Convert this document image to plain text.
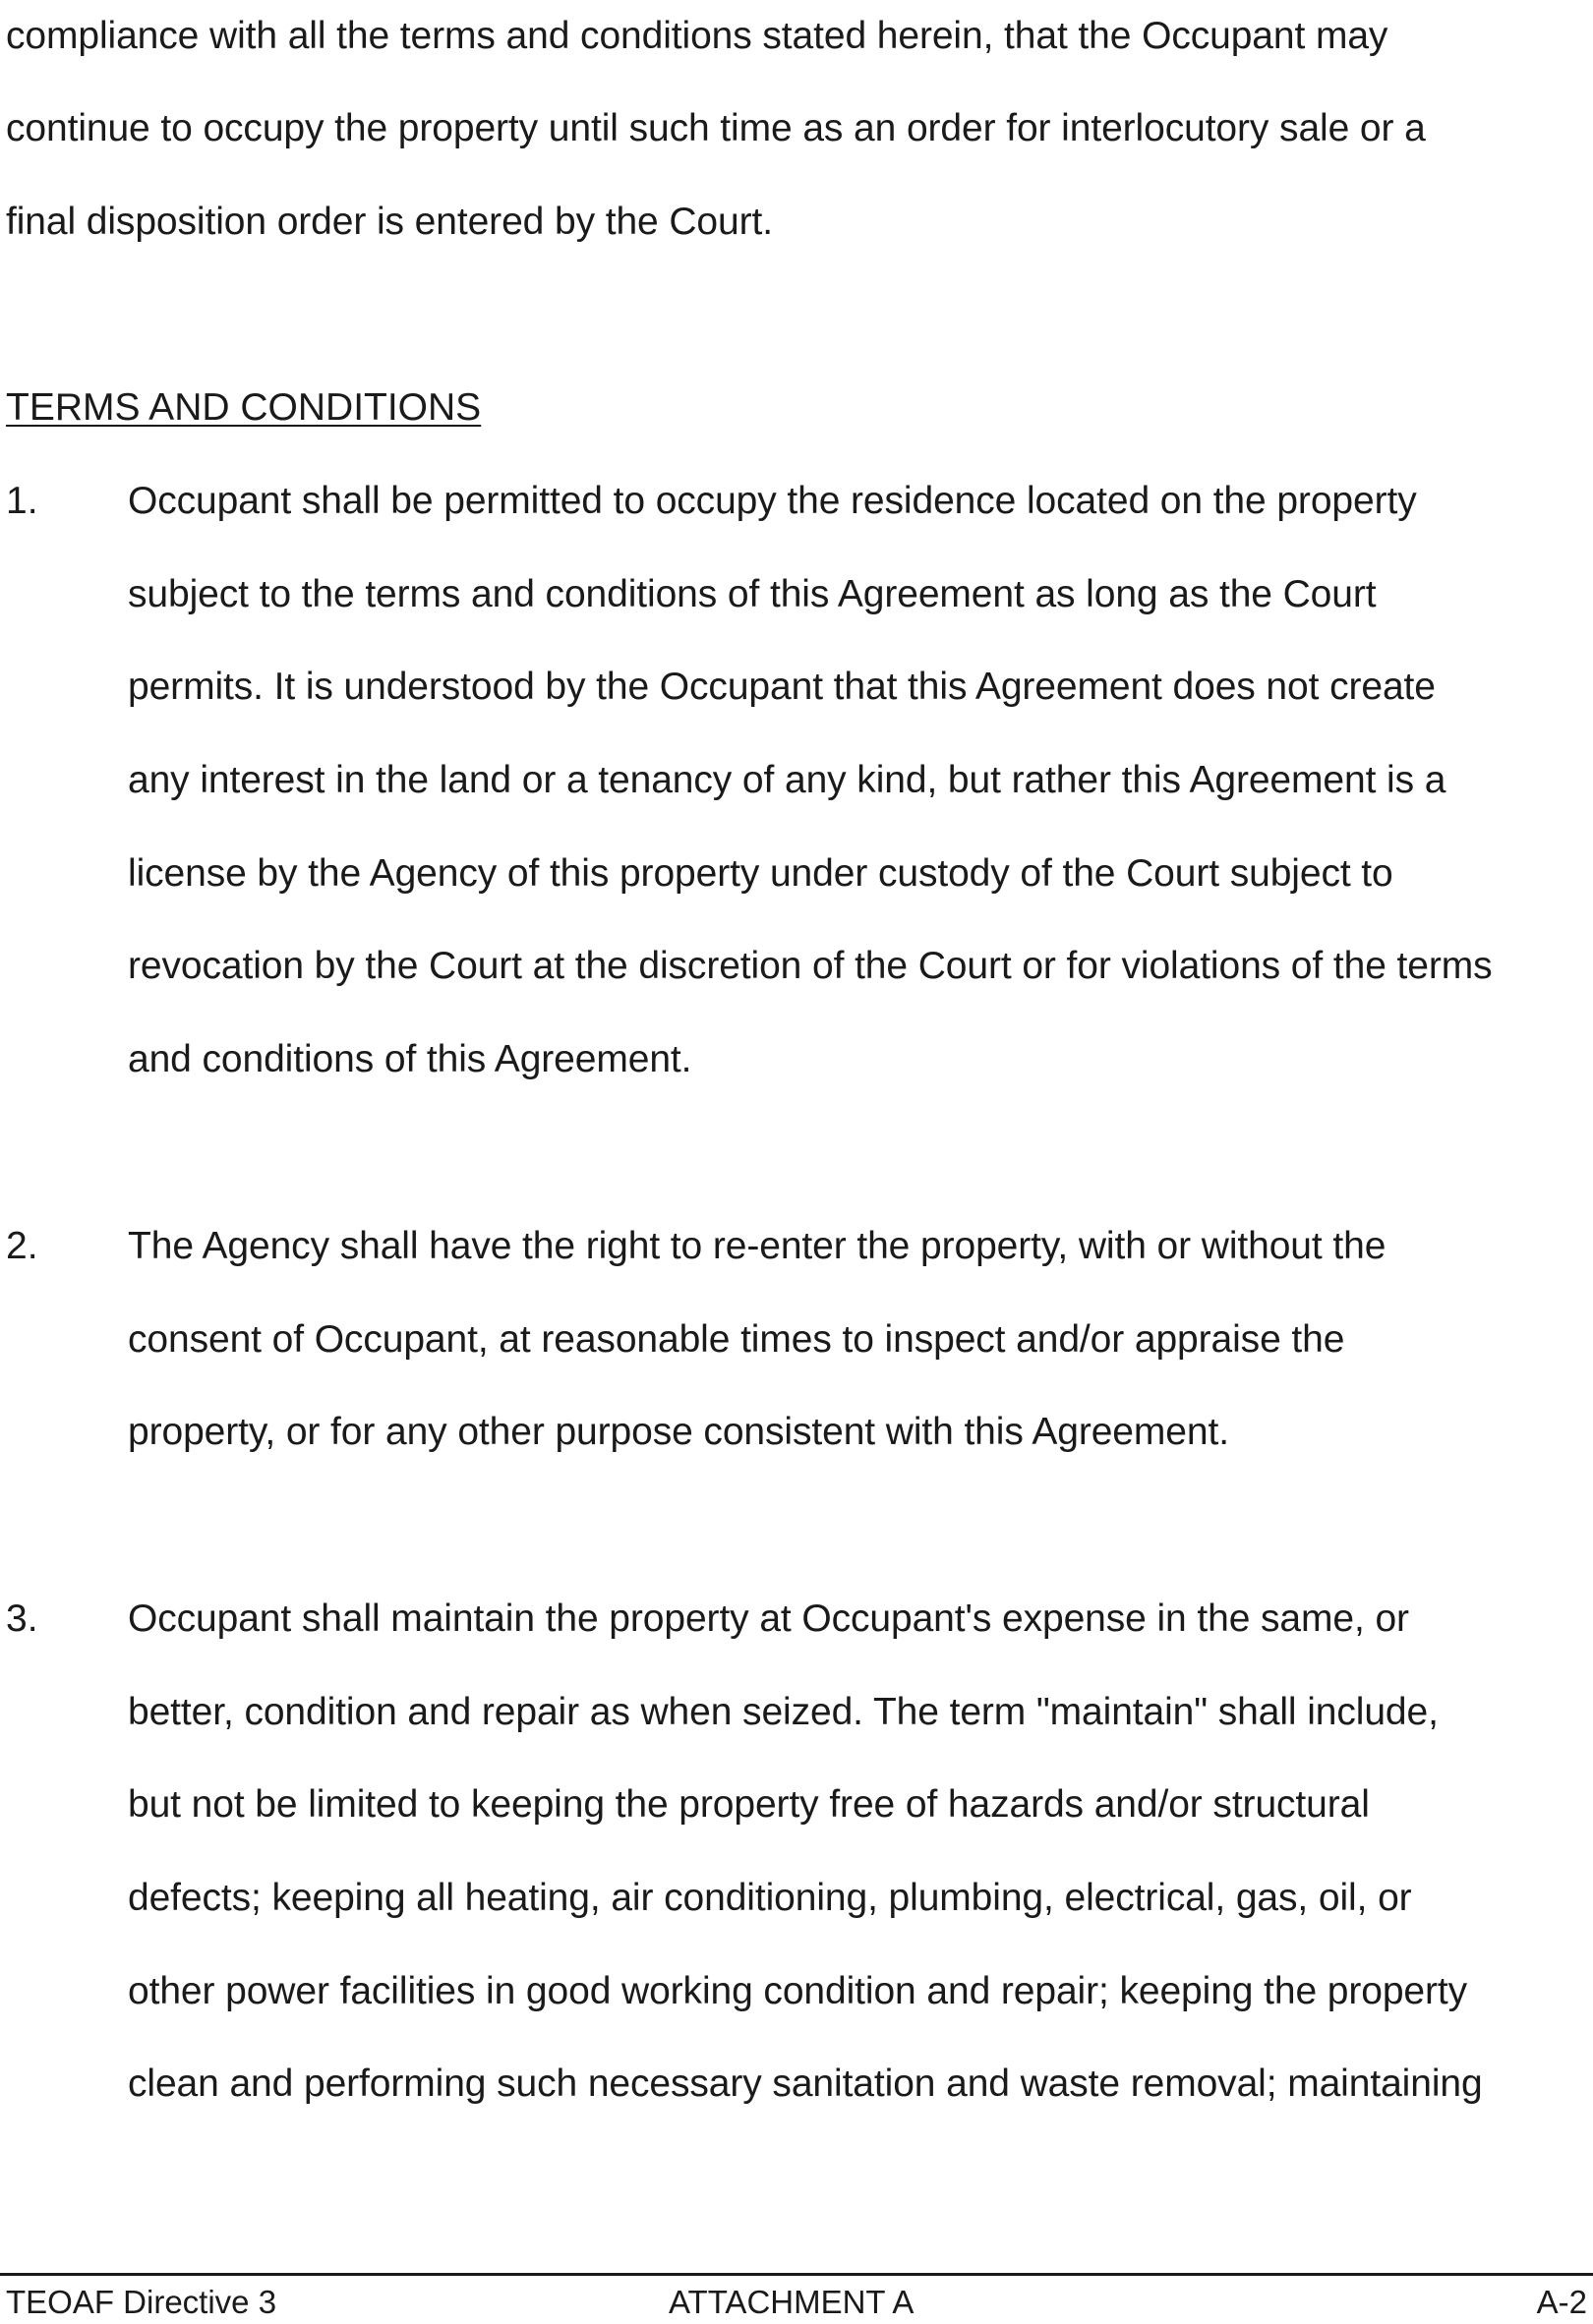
compliance with all the terms and conditions stated herein, that the Occupant may
continue to occupy the property until such time as an order for interlocutory sale or a
final disposition order is entered by the Court.
TERMS AND CONDITIONS
1. Occupant shall be permitted to occupy the residence located on the property
subject to the terms and conditions of this Agreement as long as the Court
permits. It is understood by the Occupant that this Agreement does not create
any interest in the land or a tenancy of any kind, but rather this Agreement is a
license by the Agency of this property under custody of the Court subject to
revocation by the Court at the discretion of the Court or for violations of the terms
and conditions of this Agreement.
2. The Agency shall have the right to re-enter the property, with or without the
consent of Occupant, at reasonable times to inspect and/or appraise the
property, or for any other purpose consistent with this Agreement.
3. Occupant shall maintain the property at Occupant's expense in the same, or
better, condition and repair as when seized. The term "maintain" shall include,
but not be limited to keeping the property free of hazards and/or structural
defects; keeping all heating, air conditioning, plumbing, electrical, gas, oil, or
other power facilities in good working condition and repair; keeping the property
clean and performing such necessary sanitation and waste removal; maintaining
TEOAF Directive 3	ATTACHMENT A	A-2
